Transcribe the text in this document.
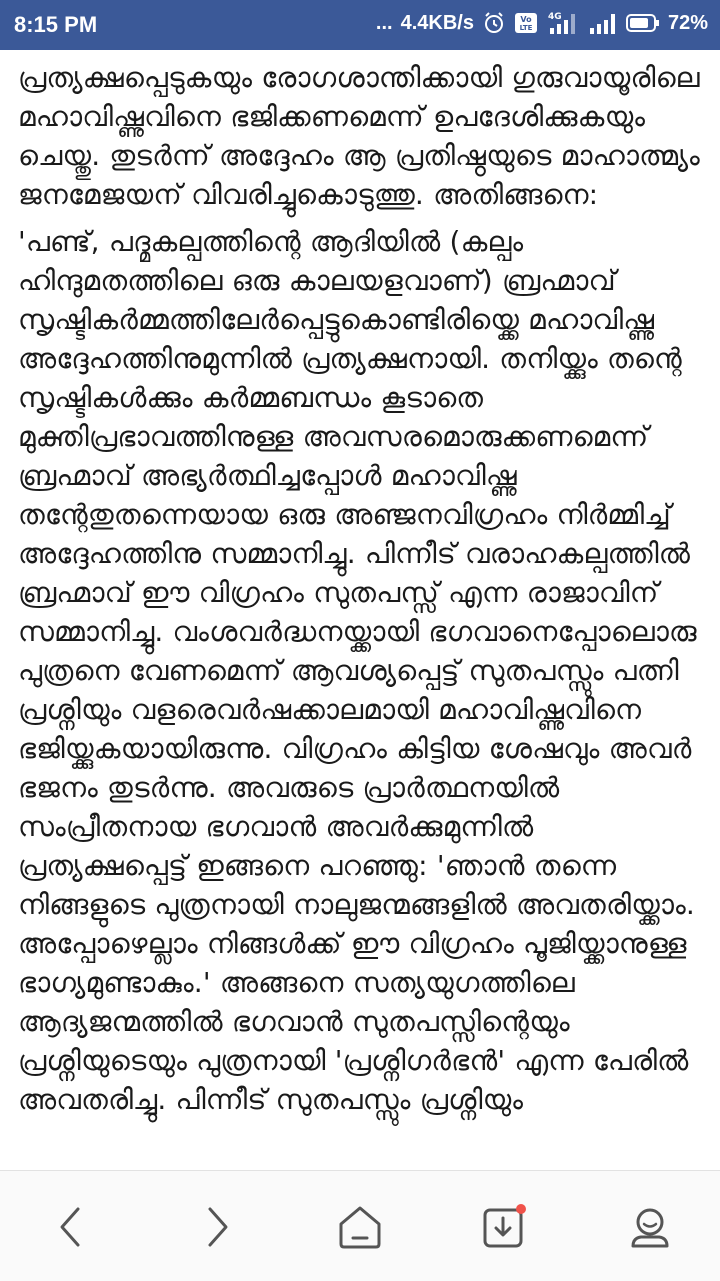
8:15 PM	... 4.4KB/s	Vo
LTE
4G	72%

പ്രത്യക്ഷപ്പെടുകയും രോഗശാന്തിക്കായി ഗുരുവായൂരിലെ മഹാവിഷ്ണുവിനെ ഭജിക്കണമെന്ന് ഉപദേശിക്കുകയും ചെയ്തു. തുടർന്ന് അദ്ദേഹം ആ പ്രതിഷ്ഠയുടെ മാഹാത്മ്യം ജനമേജയന് വിവരിച്ചുകൊടുത്തു. അതിങ്ങനെ:

'പണ്ട്, പദ്മകല്പത്തിന്റെ ആദിയിൽ (കല്പം ഹിന്ദുമതത്തിലെ ഒരു കാലയളവാണ്) ബ്രഹ്മാവ് സൃഷ്ടികർമ്മത്തിലേർപ്പെട്ടുകൊണ്ടിരിയ്ക്കെ മഹാവിഷ്ണു അദ്ദേഹത്തിനുമുന്നിൽ പ്രത്യക്ഷനായി. തനിയ്ക്കും തന്റെ സൃഷ്ടികൾക്കും കർമ്മബന്ധം കൂടാതെ മുക്തിപ്രഭാവത്തിനുള്ള അവസരമൊരുക്കണമെന്ന് ബ്രഹ്മാവ് അഭ്യർത്ഥിച്ചപ്പോൾ മഹാവിഷ്ണു തന്റേതുതന്നെയായ ഒരു അഞ്ജനവിഗ്രഹം നിർമ്മിച്ച് അദ്ദേഹത്തിനു സമ്മാനിച്ചു. പിന്നീട് വരാഹകല്പത്തിൽ ബ്രഹ്മാവ് ഈ വിഗ്രഹം സുതപസ്സ് എന്ന രാജാവിന് സമ്മാനിച്ചു. വംശവർദ്ധനയ്ക്കായി ഭഗവാനെപ്പോലൊരു പുത്രനെ വേണമെന്ന് ആവശ്യപ്പെട്ട് സുതപസ്സും പത്നി പ്രശ്നിയും വളരെവർഷക്കാലമായി മഹാവിഷ്ണുവിനെ ഭജിയ്ക്കുകയായിരുന്നു. വിഗ്രഹം കിട്ടിയ ശേഷവും അവർ ഭജനം തുടർന്നു. അവരുടെ പ്രാർത്ഥനയിൽ സംപ്രീതനായ ഭഗവാൻ അവർക്കുമുന്നിൽ പ്രത്യക്ഷപ്പെട്ട് ഇങ്ങനെ പറഞ്ഞു: 'ഞാൻ തന്നെ നിങ്ങളുടെ പുത്രനായി നാലുജന്മങ്ങളിൽ അവതരിയ്ക്കാം. അപ്പോഴെല്ലാം നിങ്ങൾക്ക് ഈ വിഗ്രഹം പൂജിയ്ക്കാനുള്ള ഭാഗ്യമുണ്ടാകും.' അങ്ങനെ സത്യയുഗത്തിലെ ആദ്യജന്മത്തിൽ ഭഗവാൻ സുതപസ്സിന്റെയും പ്രശ്നിയുടെയും പുത്രനായി 'പ്രശ്നിഗർഭൻ' എന്ന പേരിൽ അവതരിച്ചു. പിന്നീട് സുതപസ്സും പ്രശ്നിയും
